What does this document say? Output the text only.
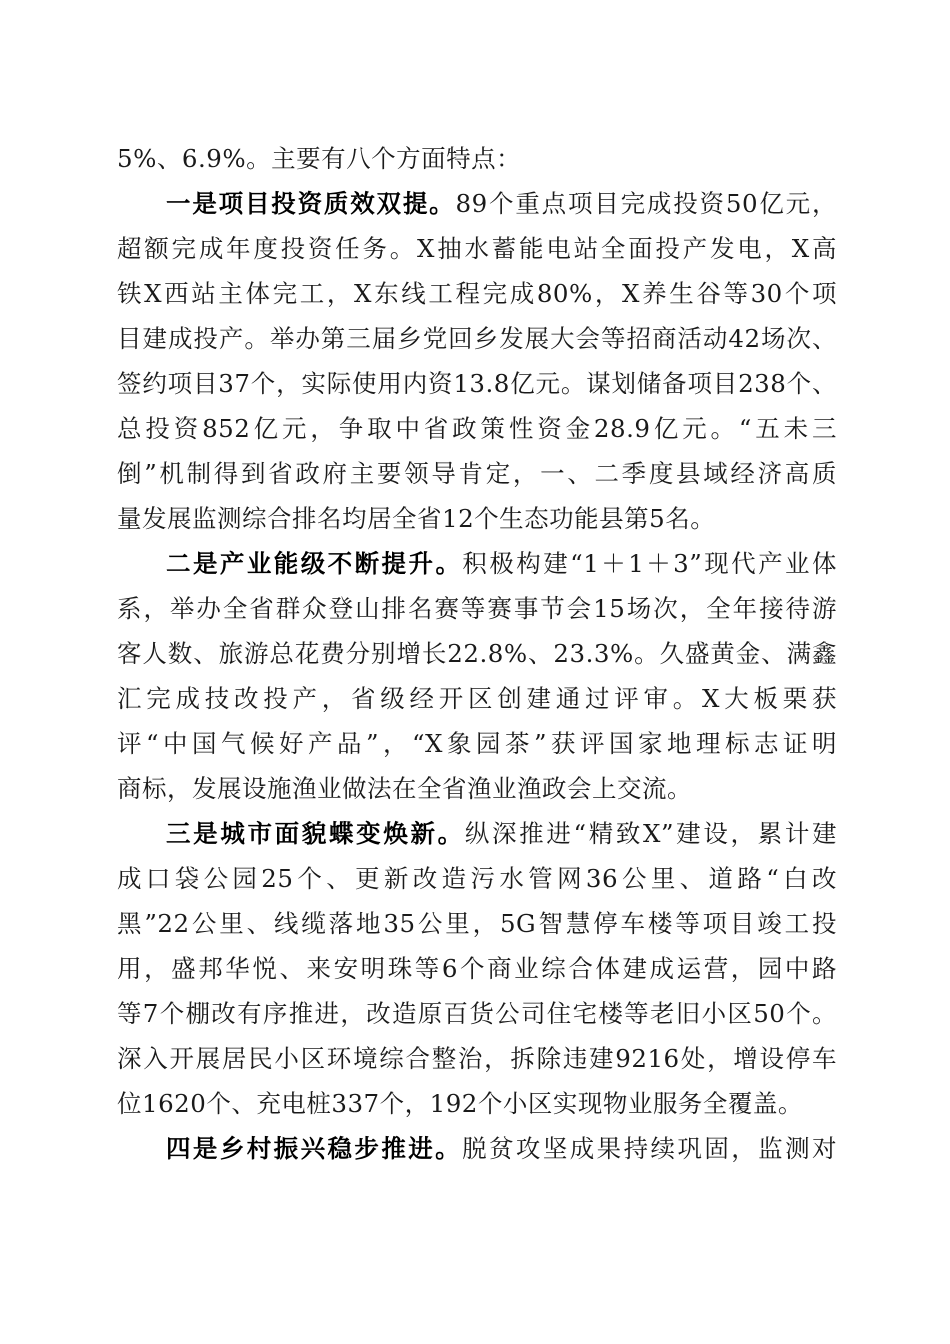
5%、6.9%。主要有八个方面特点：
一是项目投资质效双提。89个重点项目完成投资50亿元，
超额完成年度投资任务。X抽水蓄能电站全面投产发电，X高
铁X西站主体完工，X东线工程完成80%，X养生谷等30个项
目建成投产。举办第三届乡党回乡发展大会等招商活动42场次、
签约项目37个，实际使用内资13.8亿元。谋划储备项目238个、
总投资852亿元，争取中省政策性资金28.9亿元。“五未三
倒”机制得到省政府主要领导肯定，一、二季度县域经济高质
量发展监测综合排名均居全省12个生态功能县第5名。
二是产业能级不断提升。积极构建“1＋1＋3”现代产业体
系，举办全省群众登山排名赛等赛事节会15场次，全年接待游
客人数、旅游总花费分别增长22.8%、23.3%。久盛黄金、满鑫
汇完成技改投产，省级经开区创建通过评审。X大板栗获
评“中国气候好产品”，“X象园茶”获评国家地理标志证明
商标，发展设施渔业做法在全省渔业渔政会上交流。
三是城市面貌蝶变焕新。纵深推进“精致X”建设，累计建
成口袋公园25个、更新改造污水管网36公里、道路“白改
黑”22公里、线缆落地35公里，5G智慧停车楼等项目竣工投
用，盛邦华悦、来安明珠等6个商业综合体建成运营，园中路
等7个棚改有序推进，改造原百货公司住宅楼等老旧小区50个。
深入开展居民小区环境综合整治，拆除违建9216处，增设停车
位1620个、充电桩337个，192个小区实现物业服务全覆盖。
四是乡村振兴稳步推进。脱贫攻坚成果持续巩固，监测对
